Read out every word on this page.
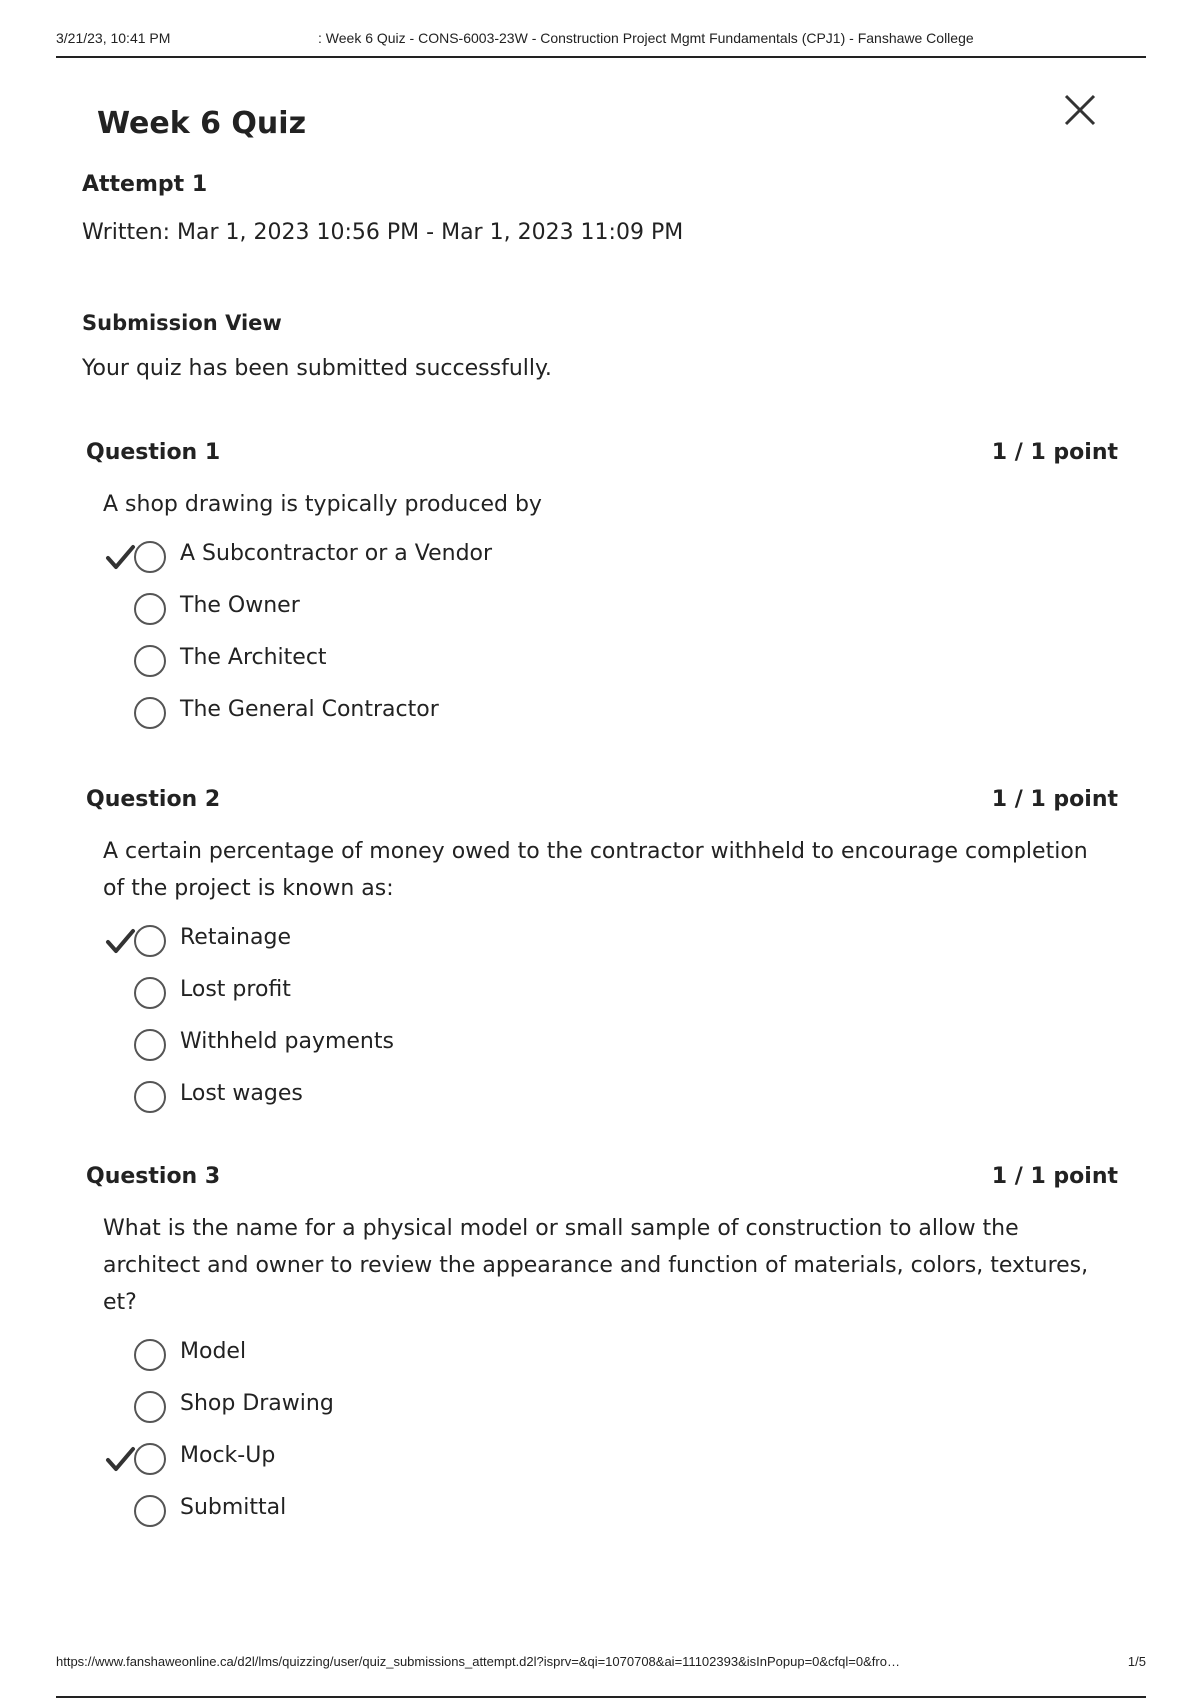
3/21/23, 10:41 PM	: Week 6 Quiz - CONS-6003-23W - Construction Project Mgmt Fundamentals (CPJ1) - Fanshawe College
Week 6 Quiz
Attempt 1
Written: Mar 1, 2023 10:56 PM - Mar 1, 2023 11:09 PM
Submission View
Your quiz has been submitted successfully.
Question 1	1 / 1 point
A shop drawing is typically produced by
A Subcontractor or a Vendor
The Owner
The Architect
The General Contractor
Question 2	1 / 1 point
A certain percentage of money owed to the contractor withheld to encourage completion of the project is known as:
Retainage
Lost profit
Withheld payments
Lost wages
Question 3	1 / 1 point
What is the name for a physical model or small sample of construction to allow the architect and owner to review the appearance and function of materials, colors, textures, et?
Model
Shop Drawing
Mock-Up
Submittal
https://www.fanshaweonline.ca/d2l/lms/quizzing/user/quiz_submissions_attempt.d2l?isprv=&qi=1070708&ai=11102393&isInPopup=0&cfql=0&fro…	1/5
